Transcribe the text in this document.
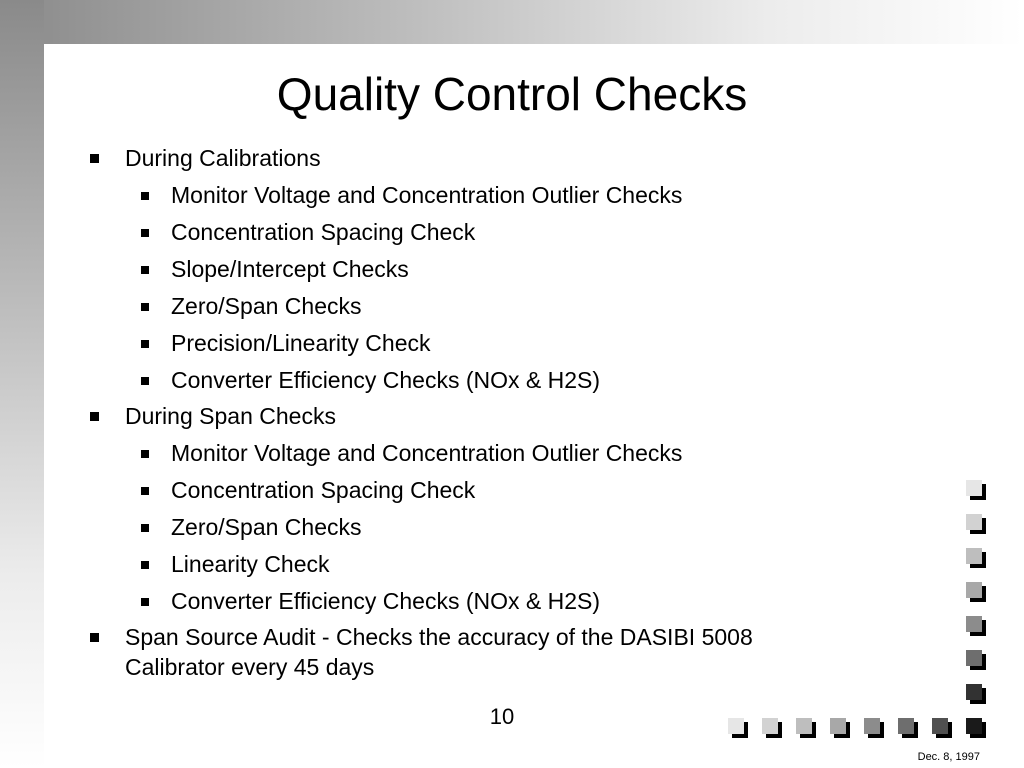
Quality Control Checks
During Calibrations
Monitor Voltage and Concentration Outlier Checks
Concentration Spacing Check
Slope/Intercept Checks
Zero/Span Checks
Precision/Linearity Check
Converter Efficiency Checks (NOx & H2S)
During Span Checks
Monitor Voltage and Concentration Outlier Checks
Concentration Spacing Check
Zero/Span Checks
Linearity Check
Converter Efficiency Checks (NOx & H2S)
Span Source Audit - Checks the accuracy of the DASIBI 5008
Calibrator every 45 days
10
Dec. 8, 1997
